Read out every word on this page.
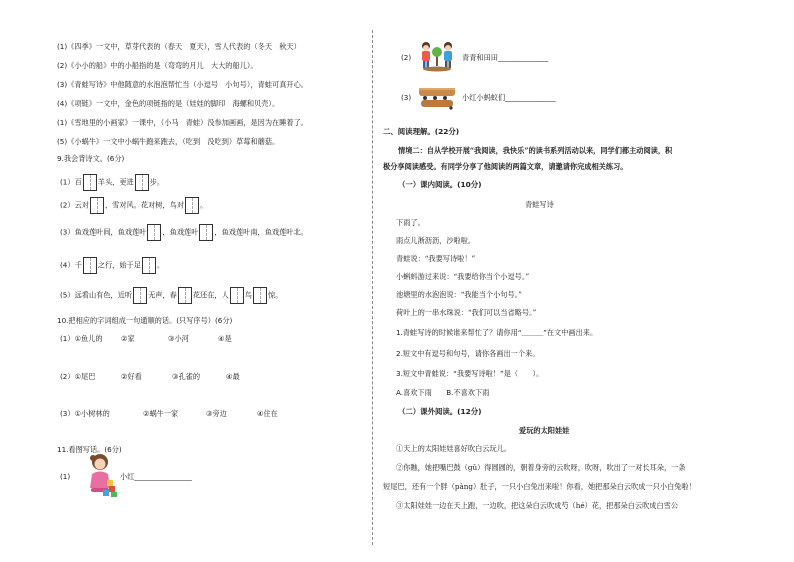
(1)《四季》一文中，草芽代表的（春天　夏天），雪人代表的（冬天　秋天）
(2)《小小的船》中的小船指的是（弯弯的月儿　大大的船儿）。
(3)《青蛙写诗》中他随意的水泡泡帮忙当（小逗号　小句号），青蛙可真开心。
(4)《项链》一文中，金色的项链指的是（娃娃的脚印　海螺和贝壳）。
(1)《雪地里的小画家》一课中，（小马　青蛙）没参加画画，是因为在睡着了。
(5)《小蜗牛》一文中小蜗牛跑来跑去，（吃到　没吃到）草莓和蘑菇。
9.我会背诗文。(6分)
(1）百 羊头，更进 步。
(2）云对 ，雪对风。花对树，鸟对 。
(3）鱼戏莲叶间，鱼戏莲叶 ，鱼戏莲叶 ，鱼戏莲叶南，鱼戏莲叶北。
(4）千 之行，始于足 。
(5）远看山有色，近听 无声，春 花还在，人 鸟 惊。
10.把相应的字词组成一句通顺的话。(只写序号）(6分)
(1）①鱼儿的	②家	③小河	④是
(2）①尾巴	②好看	③孔雀的	④最
(3）①小树林的	②蜗牛一家	③旁边	④住在
11.看图写话。(6分)
(1)	小红________________
(2)	青青和田田______________
(3)	小红小蚂蚁们______________
二、阅读理解。(22分)
情境二：自从学校开展“我阅读，我快乐”的读书系列活动以来，同学们都主动阅读，积
极分享阅读感受。有同学分享了他阅读的两篇文章，请邀请你完成相关练习。
（一）课内阅读。(10分)
青蛙写诗
下雨了。
雨点儿淅沥沥，沙啦啦。
青蛙说：“我要写诗啦！”
小蝌蚪游过来说：“我要给你当个小逗号。”
池塘里的水泡泡说：“我能当个小句号。”
荷叶上的一串水珠说：“我们可以当省略号。”
1.青蛙写诗的时候谁来帮忙了？请你用“＿＿＿”在文中画出来。
2.短文中有逗号和句号，请你各画出一个来。
3.短文中青蛙说：“我要写诗啦！”是（　　）。
A.喜欢下雨　　B.不喜欢下雨
（二）课外阅读。(12分)
爱玩的太阳娃娃
①天上的太阳娃娃喜好吹白云玩儿。
②你瞧，她把嘴巴鼓（gǔ）得圆圆的，朝着身旁的云吹呀，吹呀，吹出了一对长耳朵，一条
短尾巴，还有一个胖（pàng）肚子，一只小白兔出来啦！你看，她把那朵白云吹成一只小白兔啦！
③太阳娃娃一边在天上跑，一边吹，把这朵白云吹成芍（hé）花，把那朵白云吹成白雪公
